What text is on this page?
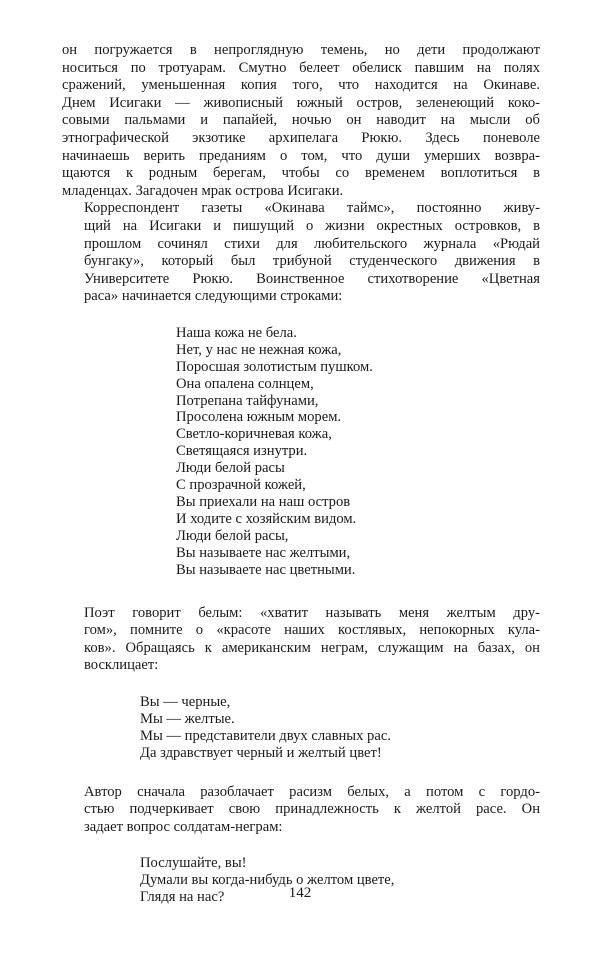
он погружается в непроглядную темень, но дети продолжают
носиться по тротуарам. Смутно белеет обелиск павшим на полях
сражений, уменьшенная копия того, что находится на Окинаве.
Днем Исигаки — живописный южный остров, зеленеющий коко-
совыми пальмами и папайей, ночью он наводит на мысли об
этнографической экзотике архипелага Рюкю. Здесь поневоле
начинаешь верить преданиям о том, что души умерших возвра-
щаются к родным берегам, чтобы со временем воплотиться в
младенцах. Загадочен мрак острова Исигаки.

Корреспондент газеты «Окинава таймс», постоянно живу-
щий на Исигаки и пишущий о жизни окрестных островков, в
прошлом сочинял стихи для любительского журнала «Рюдай
бунгаку», который был трибуной студенческого движения в
Университете Рюкю. Воинственное стихотворение «Цветная
раса» начинается следующими строками:

Наша кожа не бела.
Нет, у нас не нежная кожа,
Поросшая золотистым пушком.
Она опалена солнцем,
Потрепана тайфунами,
Просолена южным морем.
Светло-коричневая кожа,
Светящаяся изнутри.
Люди белой расы
С прозрачной кожей,
Вы приехали на наш остров
И ходите с хозяйским видом.
Люди белой расы,
Вы называете нас желтыми,
Вы называете нас цветными.

Поэт говорит белым: «хватит называть меня желтым дру-
гом», помните о «красоте наших костлявых, непокорных кула-
ков». Обращаясь к американским неграм, служащим на базах, он
восклицает:

Вы — черные,
Мы — желтые.
Мы — представители двух славных рас.
Да здравствует черный и желтый цвет!

Автор сначала разоблачает расизм белых, а потом с гордо-
стью подчеркивает свою принадлежность к желтой расе. Он
задает вопрос солдатам-неграм:

Послушайте, вы!
Думали вы когда-нибудь о желтом цвете,
Глядя на нас?	142
